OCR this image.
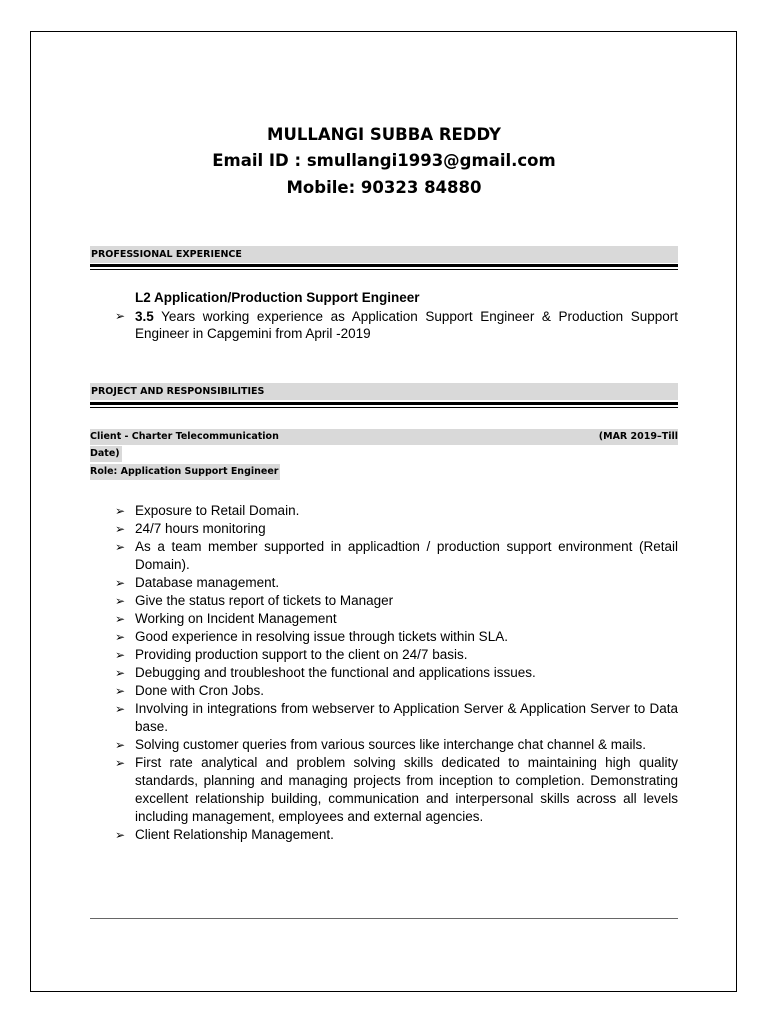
MULLANGI SUBBA REDDY
Email ID : smullangi1993@gmail.com
Mobile: 90323 84880
PROFESSIONAL EXPERIENCE
L2 Application/Production Support Engineer
➢ 3.5 Years working experience as Application Support Engineer & Production Support Engineer in Capgemini from April -2019
PROJECT AND RESPONSIBILITIES
Client - Charter Telecommunication	(MAR 2019–Till
Date)
Role: Application Support Engineer
➢ Exposure to Retail Domain.
➢ 24/7 hours monitoring
➢ As a team member supported in applicadtion / production support environment (Retail Domain).
➢ Database management.
➢ Give the status report of tickets to Manager
➢ Working on Incident Management
➢ Good experience in resolving issue through tickets within SLA.
➢ Providing production support to the client on 24/7 basis.
➢ Debugging and troubleshoot the functional and applications issues.
➢ Done with Cron Jobs.
➢ Involving in integrations from webserver to Application Server & Application Server to Data base.
➢ Solving customer queries from various sources like interchange chat channel & mails.
➢ First rate analytical and problem solving skills dedicated to maintaining high quality standards, planning and managing projects from inception to completion. Demonstrating excellent relationship building, communication and interpersonal skills across all levels including management, employees and external agencies.
➢ Client Relationship Management.
